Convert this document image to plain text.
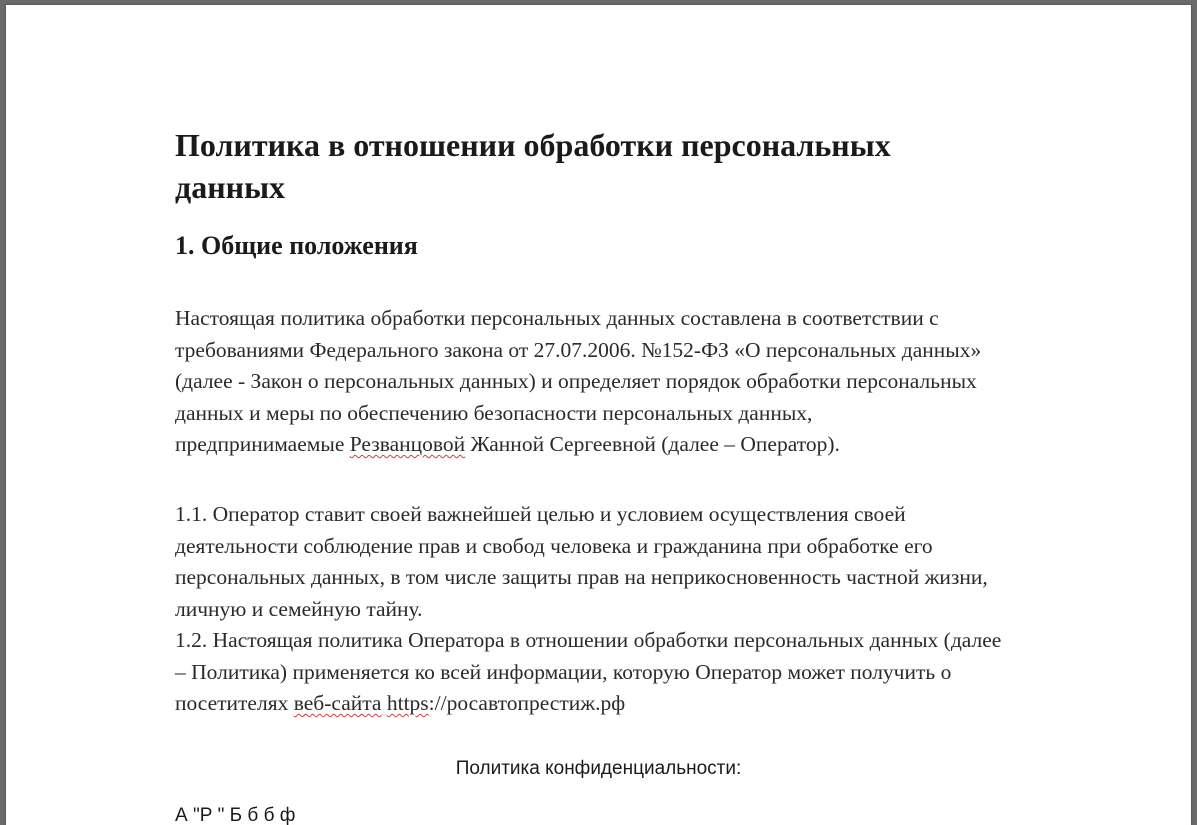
Политика в отношении обработки персональных
данных
1. Общие положения

Настоящая политика обработки персональных данных составлена в соответствии с
требованиями Федерального закона от 27.07.2006. №152-ФЗ «О персональных данных»
(далее - Закон о персональных данных) и определяет порядок обработки персональных
данных и меры по обеспечению безопасности персональных данных,
предпринимаемые Резванцовой Жанной Сергеевной (далее – Оператор).

1.1. Оператор ставит своей важнейшей целью и условием осуществления своей
деятельности соблюдение прав и свобод человека и гражданина при обработке его
персональных данных, в том числе защиты прав на неприкосновенность частной жизни,
личную и семейную тайну.

1.2. Настоящая политика Оператора в отношении обработки персональных данных (далее
– Политика) применяется ко всей информации, которую Оператор может получить о
посетителях веб-сайта https://росавтопрестиж.рф

Политика конфиденциальности:
А "Р " Б б б ф
